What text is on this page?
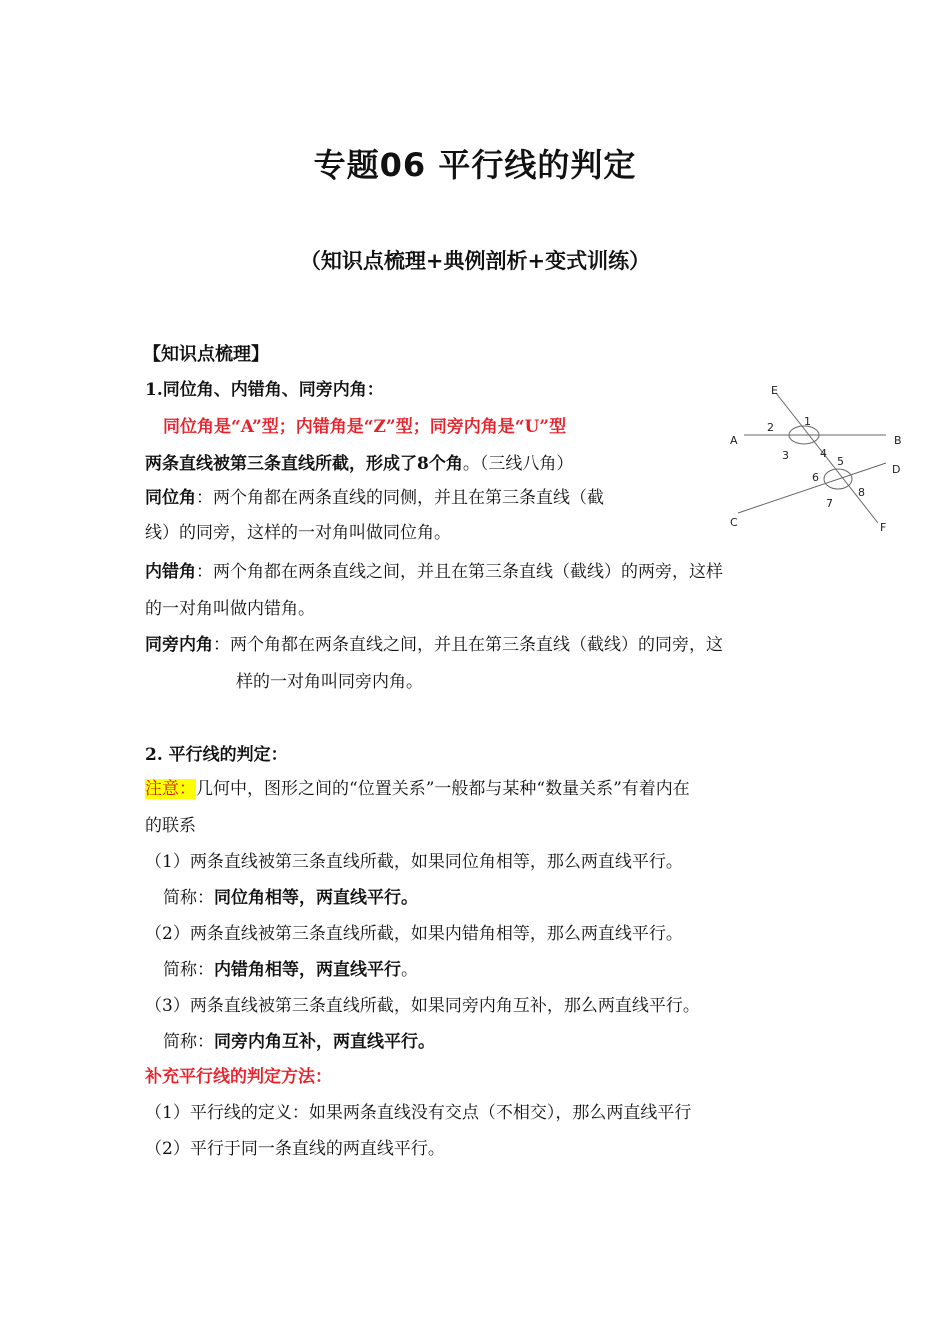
专题06 平行线的判定
（知识点梳理+典例剖析+变式训练）
【知识点梳理】
1.同位角、内错角、同旁内角：
同位角是“A”型；内错角是“Z”型；同旁内角是“U”型
两条直线被第三条直线所截，形成了8个角。（三线八角）
同位角：两个角都在两条直线的同侧，并且在第三条直线（截
线）的同旁，这样的一对角叫做同位角。
内错角：两个角都在两条直线之间，并且在第三条直线（截线）的两旁，这样
的一对角叫做内错角。
同旁内角：两个角都在两条直线之间，并且在第三条直线（截线）的同旁，这
样的一对角叫同旁内角。
E
A	B
D
C	F
1
2
3	4
5
6
7
8
2. 平行线的判定：
注意：几何中，图形之间的“位置关系”一般都与某种“数量关系”有着内在
的联系
（1）两条直线被第三条直线所截，如果同位角相等，那么两直线平行。
简称：同位角相等，两直线平行。
（2）两条直线被第三条直线所截，如果内错角相等，那么两直线平行。
简称：内错角相等，两直线平行。
（3）两条直线被第三条直线所截，如果同旁内角互补，那么两直线平行。
简称：同旁内角互补，两直线平行。
补充平行线的判定方法：
（1）平行线的定义：如果两条直线没有交点（不相交），那么两直线平行
（2）平行于同一条直线的两直线平行。
